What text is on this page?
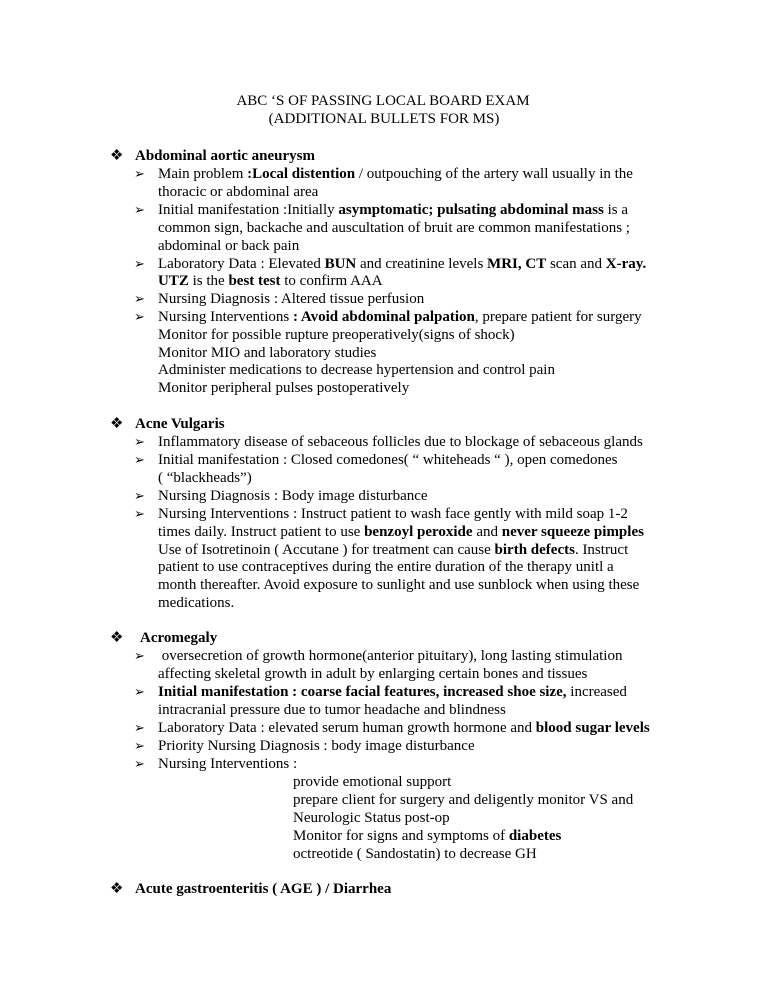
ABC ‘S OF PASSING LOCAL BOARD EXAM
(ADDITIONAL BULLETS FOR MS)
❖ Abdominal aortic aneurysm
➢ Main problem :Local distention / outpouching of the artery wall usually in the
thoracic or abdominal area
➢ Initial manifestation :Initially asymptomatic; pulsating abdominal mass is a
common sign, backache and auscultation of bruit are common manifestations ;
abdominal or back pain
➢ Laboratory Data : Elevated BUN and creatinine levels MRI, CT scan and X-ray.
UTZ is the best test to confirm AAA
➢ Nursing Diagnosis : Altered tissue perfusion
➢ Nursing Interventions : Avoid abdominal palpation, prepare patient for surgery
Monitor for possible rupture preoperatively(signs of shock)
Monitor MIO and laboratory studies
Administer medications to decrease hypertension and control pain
Monitor peripheral pulses postoperatively
❖ Acne Vulgaris
➢ Inflammatory disease of sebaceous follicles due to blockage of sebaceous glands
➢ Initial manifestation : Closed comedones( “ whiteheads “ ), open comedones
( “blackheads”)
➢ Nursing Diagnosis : Body image disturbance
➢ Nursing Interventions : Instruct patient to wash face gently with mild soap 1-2
times daily. Instruct patient to use benzoyl peroxide and never squeeze pimples
Use of Isotretinoin ( Accutane ) for treatment can cause birth defects. Instruct
patient to use contraceptives during the entire duration of the therapy unitl a
month thereafter. Avoid exposure to sunlight and use sunblock when using these
medications.
❖ Acromegaly
➢ oversecretion of growth hormone(anterior pituitary), long lasting stimulation
affecting skeletal growth in adult by enlarging certain bones and tissues
➢ Initial manifestation : coarse facial features, increased shoe size, increased
intracranial pressure due to tumor headache and blindness
➢ Laboratory Data : elevated serum human growth hormone and blood sugar levels
➢ Priority Nursing Diagnosis : body image disturbance
➢ Nursing Interventions :
provide emotional support
prepare client for surgery and deligently monitor VS and
Neurologic Status post-op
Monitor for signs and symptoms of diabetes
octreotide ( Sandostatin) to decrease GH
❖ Acute gastroenteritis ( AGE ) / Diarrhea
